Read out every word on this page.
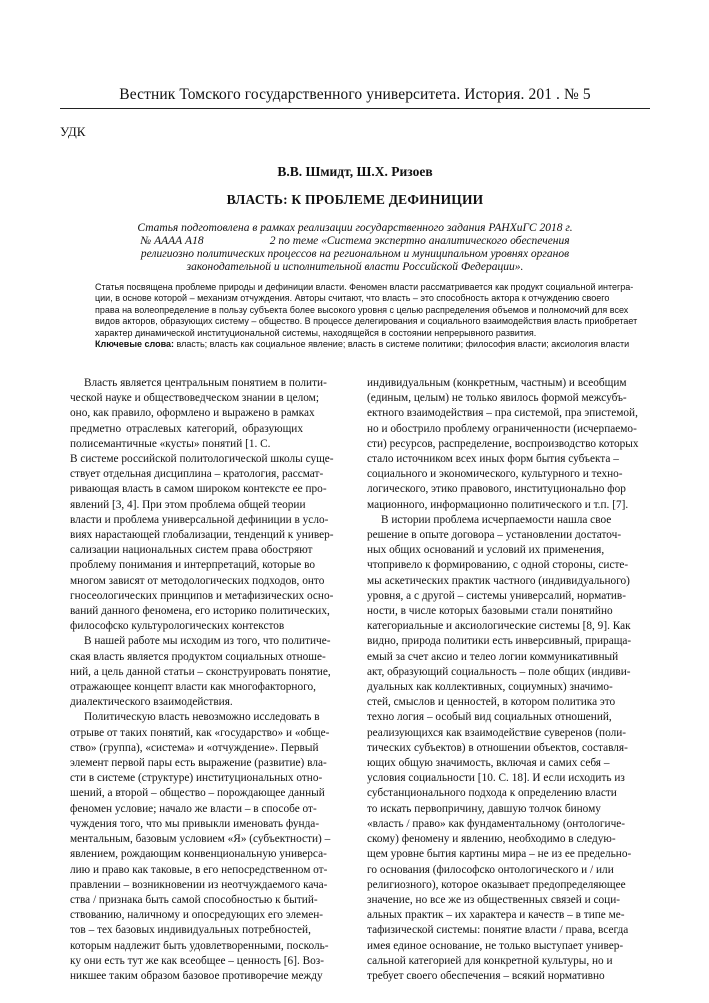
Вестник Томского государственного университета. История. 201 . № 5
УДК
В.В. Шмидт, Ш.Х. Ризоев
ВЛАСТЬ: К ПРОБЛЕМЕ ДЕФИНИЦИИ
Статья подготовлена в рамках реализации государственного задания РАНХиГС 2018 г.
№ АААА А18                       2 по теме «Система экспертно аналитического обеспечения
религиозно политических процессов на региональном и муниципальном уровнях органов
законодательной и исполнительной власти Российской Федерации».
Статья посвящена проблеме природы и дефиниции власти. Феномен власти рассматривается как продукт социальной интегра-
ции, в основе которой – механизм отчуждения. Авторы считают, что власть – это способность актора к отчуждению своего
права на волеопределение в пользу субъекта более высокого уровня с целью распределения объемов и полномочий для всех
видов акторов, образующих систему – общество. В процессе делегирования и социального взаимодействия власть приобретает
характер динамической институциональной системы, находящейся в состоянии непрерывного развития.
Ключевые слова: власть; власть как социальное явление; власть в системе политики; философия власти; аксиология власти
Власть является центральным понятием в полити-
ческой науке и обществоведческом знании в целом;
оно, как правило, оформлено и выражено в рамках
предметно отраслевых категорий, образующих
полисемантичные «кусты» понятий [1. С.
В системе российской политологической школы суще-
ствует отдельная дисциплина – кратология, рассмат-
ривающая власть в самом широком контексте ее про-
явлений [3, 4]. При этом проблема общей теории
власти и проблема универсальной дефиниции в усло-
виях нарастающей глобализации, тенденций к универ-
сализации национальных систем права обостряют
проблему понимания и интерпретаций, которые во
многом зависят от методологических подходов, онто
гносеологических принципов и метафизических осно-
ваний данного феномена, его историко политических,
философско культурологических контекстов
В нашей работе мы исходим из того, что политиче-
ская власть является продуктом социальных отноше-
ний, а цель данной статьи – сконструировать понятие,
отражающее концепт власти как многофакторного,
диалектического взаимодействия.
Политическую власть невозможно исследовать в
отрыве от таких понятий, как «государство» и «обще-
ство» (группа), «система» и «отчуждение». Первый
элемент первой пары есть выражение (развитие) вла-
сти в системе (структуре) институциональных отно-
шений, а второй – общество – порождающее данный
феномен условие; начало же власти – в способе от-
чуждения того, что мы привыкли именовать фунда-
ментальным, базовым условием «Я» (субъектности) –
явлением, рождающим конвенциональную универса-
лию и право как таковые, в его непосредственном от-
правлении – возникновении из неотчуждаемого кача-
ства / признака быть самой способностью к бытий-
ствованию, наличному и опосредующих его элемен-
тов – тех базовых индивидуальных потребностей,
которым надлежит быть удовлетворенными, посколь-
ку они есть тут же как всеобщее – ценность [6]. Воз-
никшее таким образом базовое противоречие между
индивидуальным (конкретным, частным) и всеобщим
(единым, целым) не только явилось формой межсубъ-
ектного взаимодействия – пра системой, пра эпистемой,
но и обострило проблему ограниченности (исчерпаемо-
сти) ресурсов, распределение, воспроизводство которых
стало источником всех иных форм бытия субъекта –
социального и экономического, культурного и техно-
логического, этико правового, институционально фор
мационного, информационно политического и т.п. [7].
В истории проблема исчерпаемости нашла свое
решение в опыте договора – установлении достаточ-
ных общих оснований и условий их применения,
чтопривело к формированию, с одной стороны, систе-
мы аскетических практик частного (индивидуального)
уровня, а с другой – системы универсалий, норматив-
ности, в числе которых базовыми стали понятийно
категориальные и аксиологические системы [8, 9]. Как
видно, природа политики есть инверсивный, приращa-
емый за счет аксио и телео логии коммуникативный
акт, образующий социальность – поле общих (индиви-
дуальных как коллективных, социумных) значимо-
стей, смыслов и ценностей, в котором политика это
техно логия – особый вид социальных отношений,
реализующихся как взаимодействие суверенов (поли-
тических субъектов) в отношении объектов, составля-
ющих общую значимость, включая и самих себя –
условия социальности [10. С. 18]. И если исходить из
субстанционального подхода к определению власти
то искать первопричину, давшую толчок биному
«власть / право» как фундаментальному (онтологиче-
скому) феномену и явлению, необходимо в следую-
щем уровне бытия картины мира – не из ее предельно-
го основания (философско онтологического и / или
религиозного), которое оказывает предопределяющее
значение, но все же из общественных связей и соци-
альных практик – их характера и качеств – в типе ме-
тафизической системы: понятие власти / права, всегда
имея единое основание, не только выступает универ-
сальной категорией для конкретной культуры, но и
требует своего обеспечения – всякий нормативно
